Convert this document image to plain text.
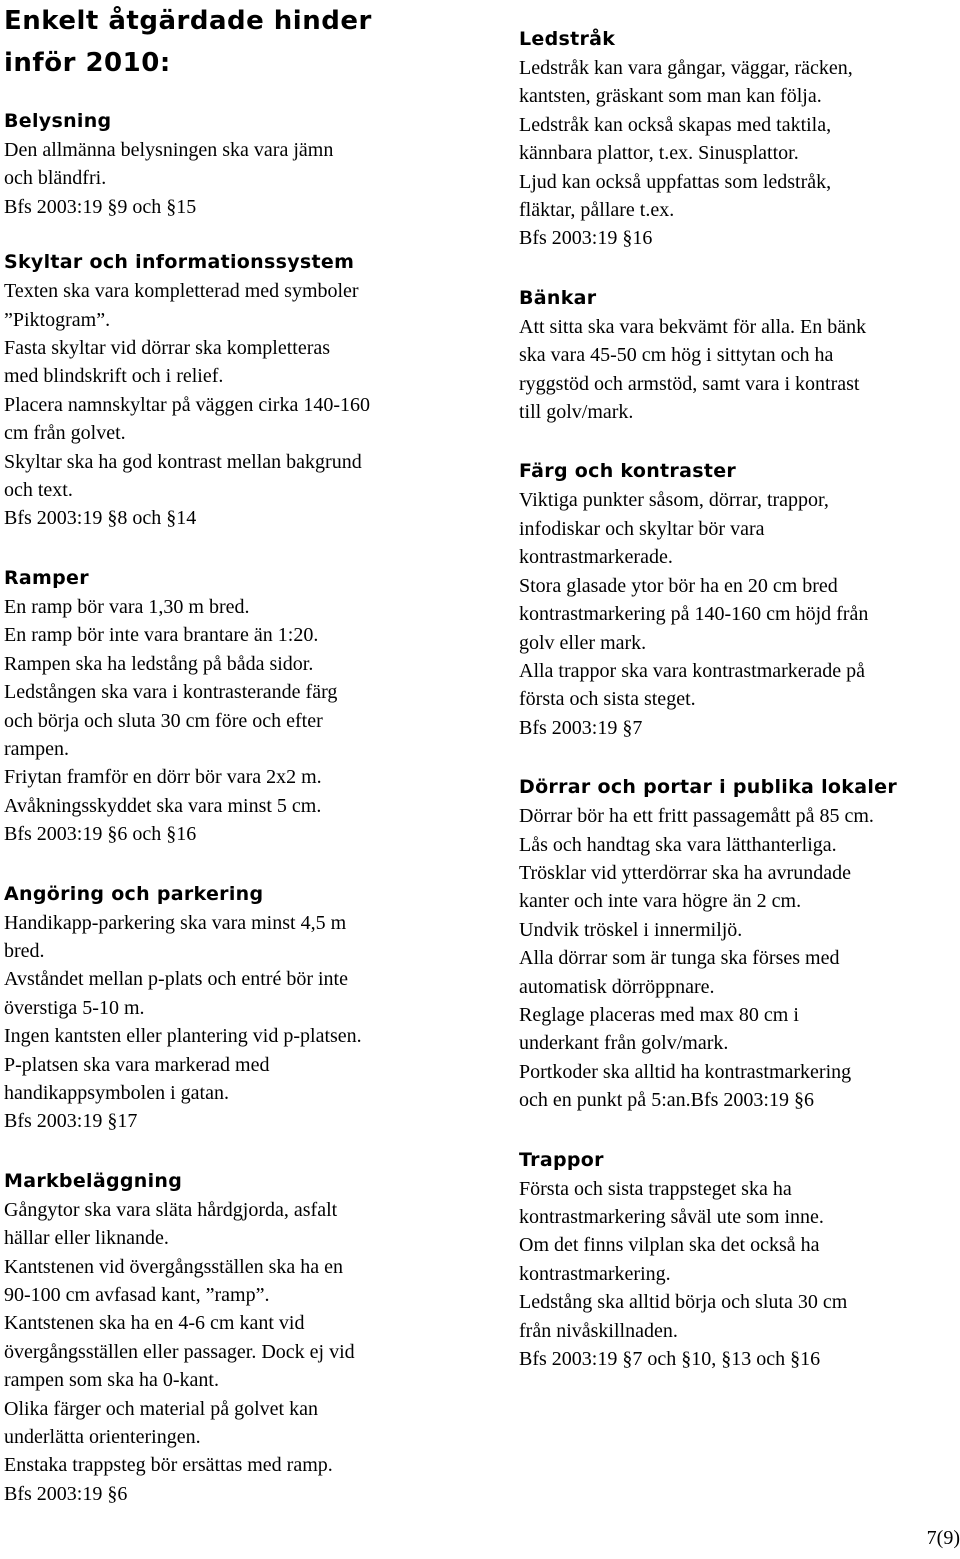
Enkelt åtgärdade hinder
inför 2010:
Belysning
Den allmänna belysningen ska vara jämn
och bländfri.
Bfs 2003:19 §9 och §15
Skyltar och informationssystem
Texten ska vara kompletterad med symboler
”Piktogram”.
Fasta skyltar vid dörrar ska kompletteras
med blindskrift och i relief.
Placera namnskyltar på väggen cirka 140-160
cm från golvet.
Skyltar ska ha god kontrast mellan bakgrund
och text.
Bfs 2003:19 §8 och §14
Ramper
En ramp bör vara 1,30 m bred.
En ramp bör inte vara brantare än 1:20.
Rampen ska ha ledstång på båda sidor.
Ledstången ska vara i kontrasterande färg
och börja och sluta 30 cm före och efter
rampen.
Friytan framför en dörr bör vara 2x2 m.
Avåkningsskyddet ska vara minst 5 cm.
Bfs 2003:19 §6 och §16
Angöring och parkering
Handikapp-parkering ska vara minst 4,5 m
bred.
Avståndet mellan p-plats och entré bör inte
överstiga 5-10 m.
Ingen kantsten eller plantering vid p-platsen.
P-platsen ska vara markerad med
handikappsymbolen i gatan.
Bfs 2003:19 §17
Markbeläggning
Gångytor ska vara släta hårdgjorda, asfalt
hällar eller liknande.
Kantstenen vid övergångsställen ska ha en
90-100 cm avfasad kant, ”ramp”.
Kantstenen ska ha en 4-6 cm kant vid
övergångsställen eller passager. Dock ej vid
rampen som ska ha 0-kant.
Olika färger och material på golvet kan
underlätta orienteringen.
Enstaka trappsteg bör ersättas med ramp.
Bfs 2003:19 §6
Ledstråk
Ledstråk kan vara gångar, väggar, räcken,
kantsten, gräskant som man kan följa.
Ledstråk kan också skapas med taktila,
kännbara plattor, t.ex. Sinusplattor.
Ljud kan också uppfattas som ledstråk,
fläktar, pållare t.ex.
Bfs 2003:19 §16
Bänkar
Att sitta ska vara bekvämt för alla. En bänk
ska vara 45-50 cm hög i sittytan och ha
ryggstöd och armstöd, samt vara i kontrast
till golv/mark.
Färg och kontraster
Viktiga punkter såsom, dörrar, trappor,
infodiskar och skyltar bör vara
kontrastmarkerade.
Stora glasade ytor bör ha en 20 cm bred
kontrastmarkering på 140-160 cm höjd från
golv eller mark.
Alla trappor ska vara kontrastmarkerade på
första och sista steget.
Bfs 2003:19 §7
Dörrar och portar i publika lokaler
Dörrar bör ha ett fritt passagemått på 85 cm.
Lås och handtag ska vara lätthanterliga.
Trösklar vid ytterdörrar ska ha avrundade
kanter och inte vara högre än 2 cm.
Undvik tröskel i innermiljö.
Alla dörrar som är tunga ska förses med
automatisk dörröppnare.
Reglage placeras med max 80 cm i
underkant från golv/mark.
Portkoder ska alltid ha kontrastmarkering
och en punkt på 5:an.Bfs 2003:19 §6
Trappor
Första och sista trappsteget ska ha
kontrastmarkering såväl ute som inne.
Om det finns vilplan ska det också ha
kontrastmarkering.
Ledstång ska alltid börja och sluta 30 cm
från nivåskillnaden.
Bfs 2003:19 §7 och §10, §13 och §16
7(9)
